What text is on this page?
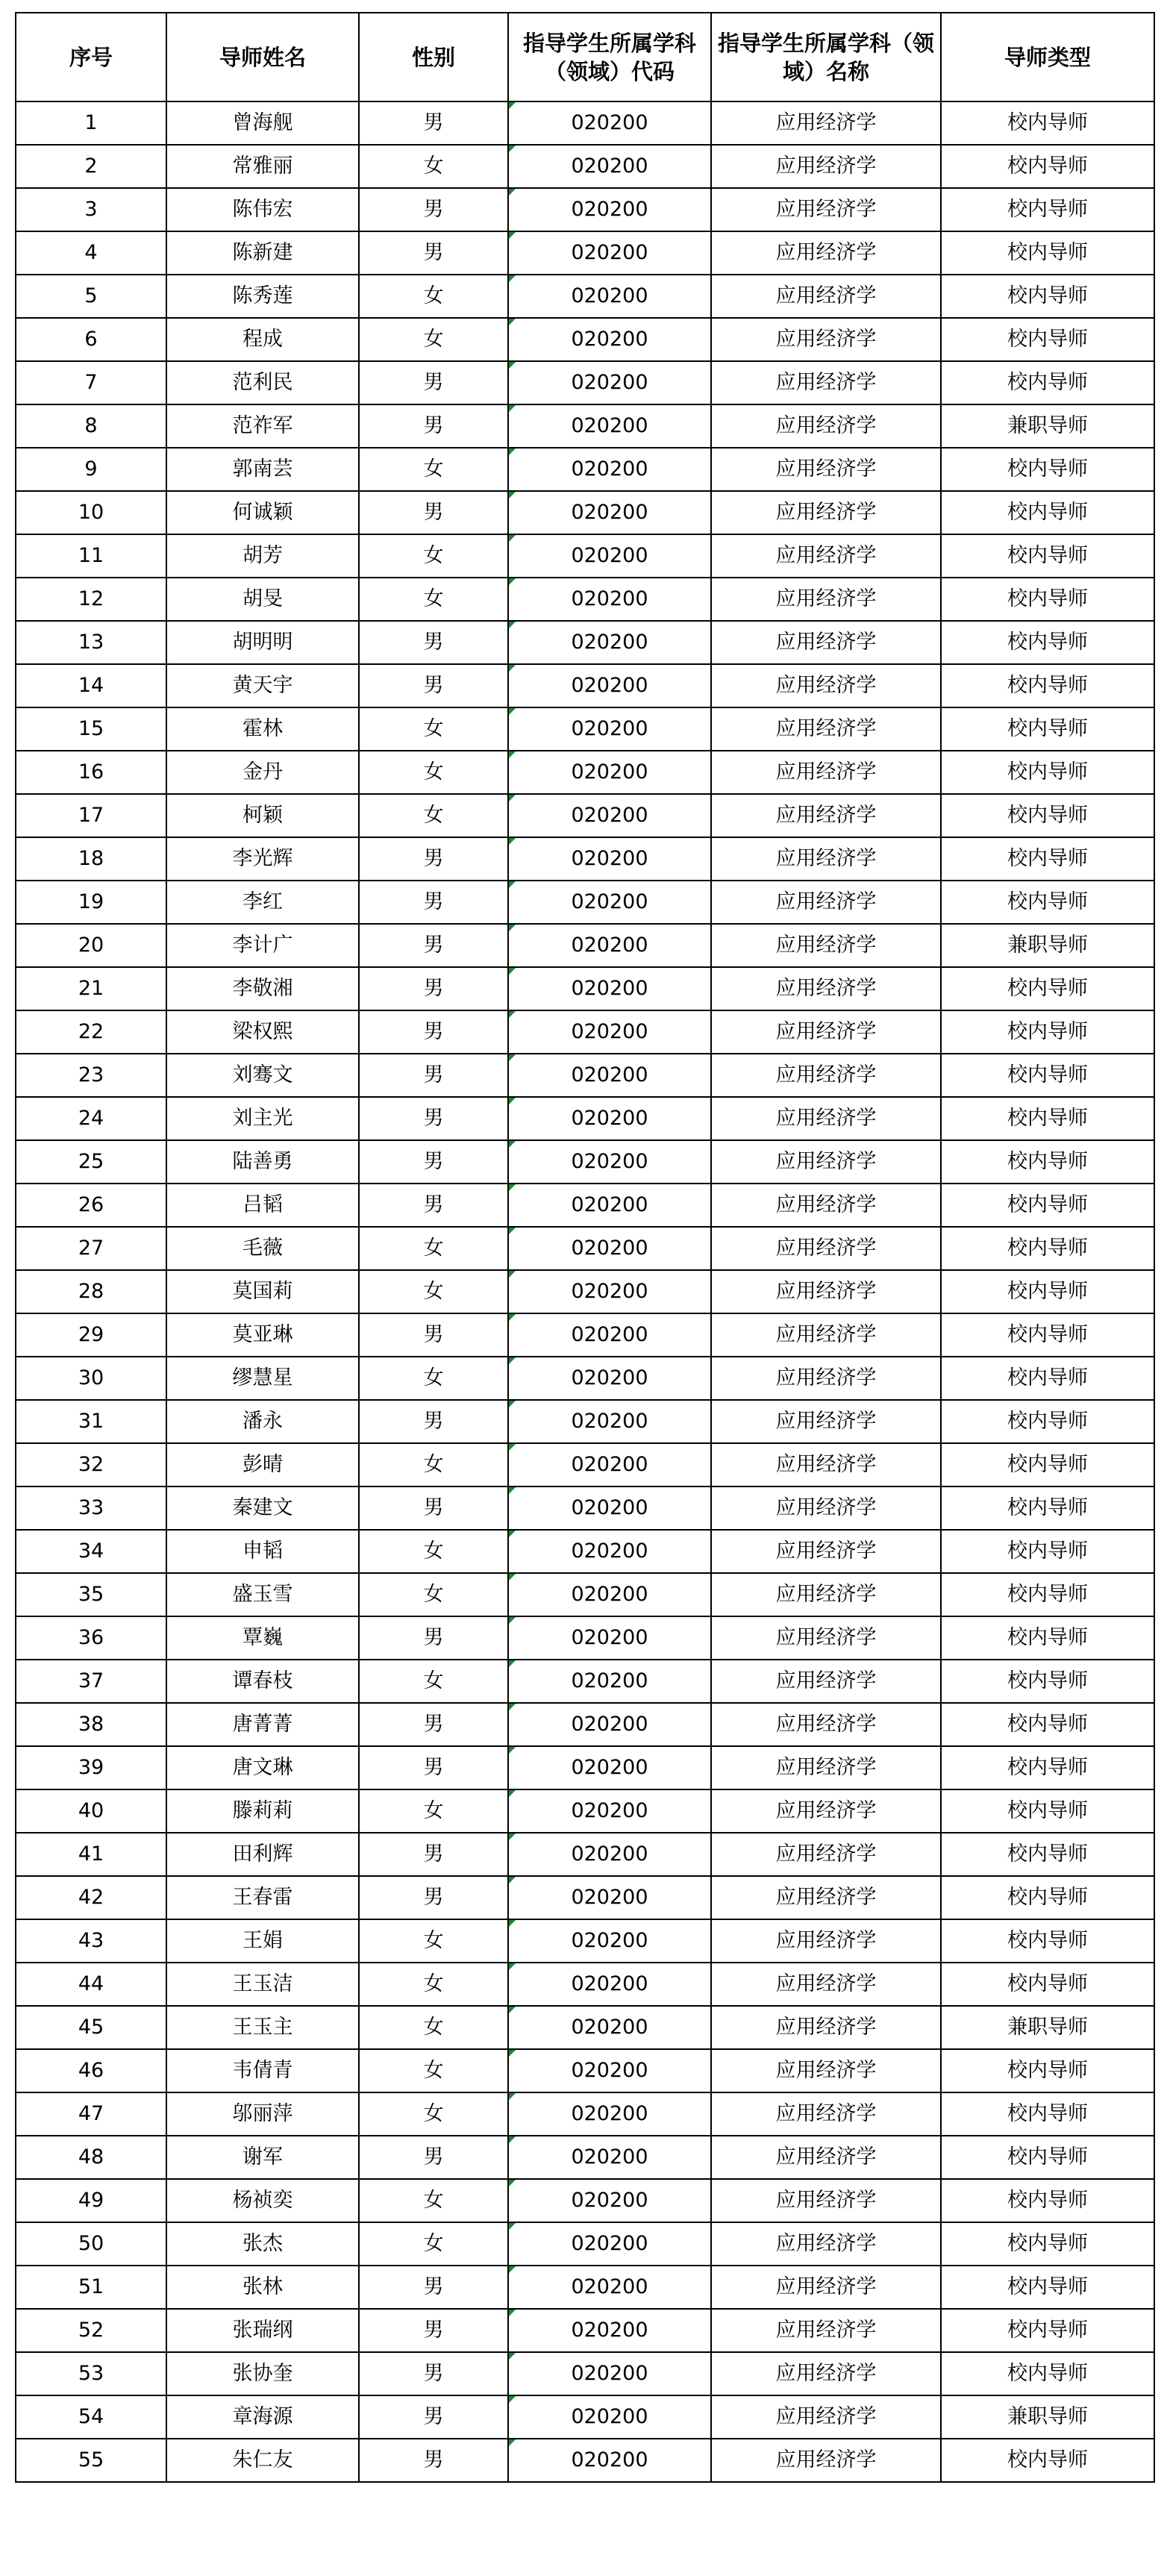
序号	导师姓名	性别	指导学生所属学科（领域）代码	指导学生所属学科（领域）名称	导师类型
1	曾海舰	男	020200	应用经济学	校内导师
2	常雅丽	女	020200	应用经济学	校内导师
3	陈伟宏	男	020200	应用经济学	校内导师
4	陈新建	男	020200	应用经济学	校内导师
5	陈秀莲	女	020200	应用经济学	校内导师
6	程成	女	020200	应用经济学	校内导师
7	范利民	男	020200	应用经济学	校内导师
8	范祚军	男	020200	应用经济学	兼职导师
9	郭南芸	女	020200	应用经济学	校内导师
10	何诚颖	男	020200	应用经济学	校内导师
11	胡芳	女	020200	应用经济学	校内导师
12	胡旻	女	020200	应用经济学	校内导师
13	胡明明	男	020200	应用经济学	校内导师
14	黄天宇	男	020200	应用经济学	校内导师
15	霍林	女	020200	应用经济学	校内导师
16	金丹	女	020200	应用经济学	校内导师
17	柯颖	女	020200	应用经济学	校内导师
18	李光辉	男	020200	应用经济学	校内导师
19	李红	男	020200	应用经济学	校内导师
20	李计广	男	020200	应用经济学	兼职导师
21	李敬湘	男	020200	应用经济学	校内导师
22	梁权熙	男	020200	应用经济学	校内导师
23	刘骞文	男	020200	应用经济学	校内导师
24	刘主光	男	020200	应用经济学	校内导师
25	陆善勇	男	020200	应用经济学	校内导师
26	吕韬	男	020200	应用经济学	校内导师
27	毛薇	女	020200	应用经济学	校内导师
28	莫国莉	女	020200	应用经济学	校内导师
29	莫亚琳	男	020200	应用经济学	校内导师
30	缪慧星	女	020200	应用经济学	校内导师
31	潘永	男	020200	应用经济学	校内导师
32	彭晴	女	020200	应用经济学	校内导师
33	秦建文	男	020200	应用经济学	校内导师
34	申韬	女	020200	应用经济学	校内导师
35	盛玉雪	女	020200	应用经济学	校内导师
36	覃巍	男	020200	应用经济学	校内导师
37	谭春枝	女	020200	应用经济学	校内导师
38	唐菁菁	男	020200	应用经济学	校内导师
39	唐文琳	男	020200	应用经济学	校内导师
40	滕莉莉	女	020200	应用经济学	校内导师
41	田利辉	男	020200	应用经济学	校内导师
42	王春雷	男	020200	应用经济学	校内导师
43	王娟	女	020200	应用经济学	校内导师
44	王玉洁	女	020200	应用经济学	校内导师
45	王玉主	女	020200	应用经济学	兼职导师
46	韦倩青	女	020200	应用经济学	校内导师
47	邬丽萍	女	020200	应用经济学	校内导师
48	谢军	男	020200	应用经济学	校内导师
49	杨祯奕	女	020200	应用经济学	校内导师
50	张杰	女	020200	应用经济学	校内导师
51	张林	男	020200	应用经济学	校内导师
52	张瑞纲	男	020200	应用经济学	校内导师
53	张协奎	男	020200	应用经济学	校内导师
54	章海源	男	020200	应用经济学	兼职导师
55	朱仁友	男	020200	应用经济学	校内导师
